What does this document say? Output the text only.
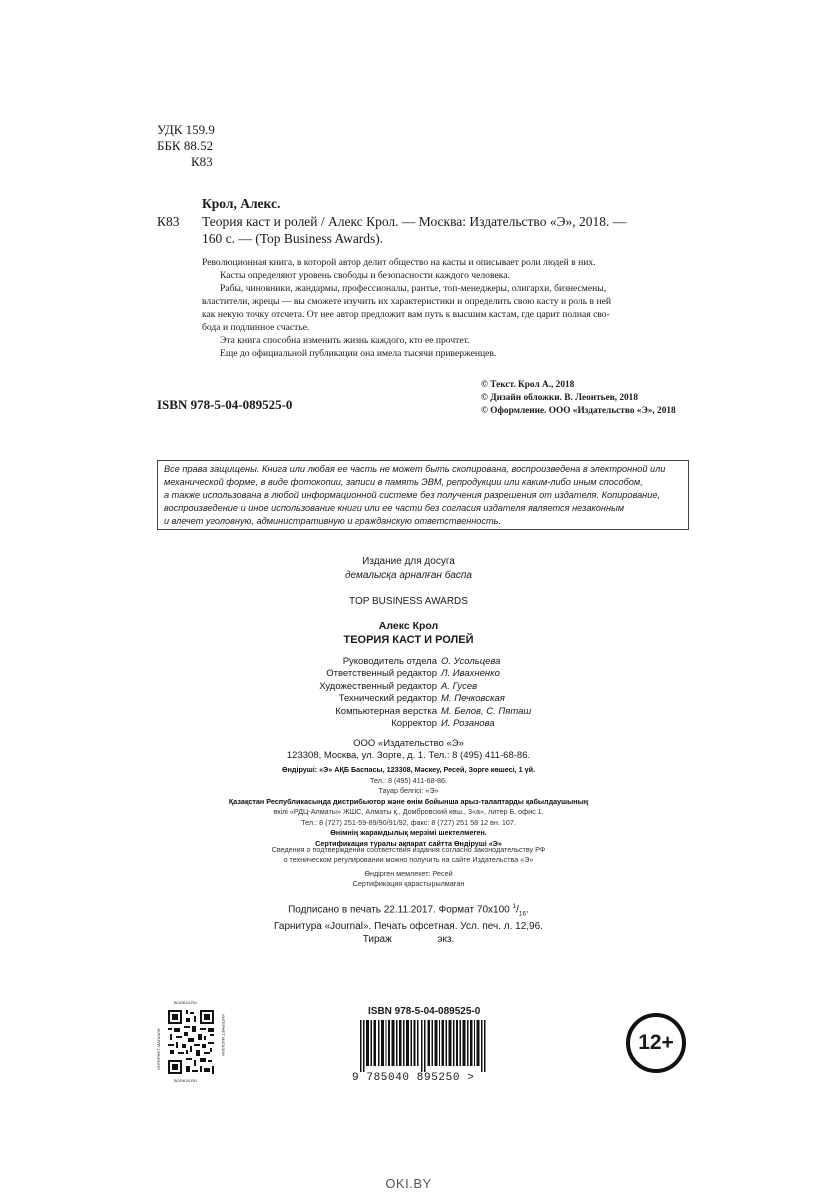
УДК 159.9
ББК 88.52
К83
Крол, Алекс.
К83 Теория каст и ролей / Алекс Крол. — Москва: Издательство «Э», 2018. —
160 с. — (Top Business Awards).

Революционная книга, в которой автор делит общество на касты и описывает роли людей в них.

Касты определяют уровень свободы и безопасности каждого человека.

Рабы, чиновники, жандармы, профессионалы, рантье, топ-менеджеры, олигархи, бизнесмены,

властители, жрецы — вы сможете изучить их характеристики и определить свою касту и роль в ней

как некую точку отсчета. От нее автор предложит вам путь к высшим кастам, где царит полная сво-

бода и подлинное счастье.

Эта книга способна изменить жизнь каждого, кто ее прочтет.

Еще до официальной публикации она имела тысячи приверженцев.

© Текст. Крол А., 2018
© Дизайн обложки. В. Леонтьев, 2018
© Оформление. ООО «Издательство «Э», 2018
ISBN 978-5-04-089525-0
Все права защищены. Книга или любая ее часть не может быть скопирована, воспроизведена в электронной или
механической форме, в виде фотокопии, записи в память ЭВМ, репродукции или каким-либо иным способом,
а также использована в любой информационной системе без получения разрешения от издателя. Копирование,
воспроизведение и иное использование книги или ее части без согласия издателя является незаконным
и влечет уголовную, административную и гражданскую ответственность.
Издание для досуга
демалысқа арналған баспа
TOP BUSINESS AWARDS
Алекс Крол
ТЕОРИЯ КАСТ И РОЛЕЙ
Руководитель отдела О. Усольцева
Ответственный редактор Л. Ивахненко
Художественный редактор А. Гусев
Технический редактор М. Печковская
Компьютерная верстка М. Белов, С. Пяташ
Корректор И. Розанова
ООО «Издательство «Э»
123308, Москва, ул. Зорге, д. 1. Тел.: 8 (495) 411-68-86.
Өндіруші: «Э» АҚБ Баспасы, 123308, Мәскеу, Ресей, Зорге көшесі, 1 үй.
Тел.: 8 (495) 411-68-86.
Тауар белгісі: «Э»
Қазақстан Республикасында дистрибьютор және өнім бойынша арыз-талаптарды қабылдаушының
өкілі «РДЦ-Алматы» ЖШС, Алматы қ., Домбровский көш., 3«а», литер Б, офис 1.
Тел.: 8 (727) 251-59-89/90/91/92, факс: 8 (727) 251 58 12 вн. 107.
Өнімнің жарамдылық мерзімі шектелмеген.
Сертификация туралы ақпарат сайтта Өндіруші «Э»
Сведения о подтверждении соответствия издания согласно законодательству РФ
о техническом регулировании можно получить на сайте Издательства «Э»
Өндірген мемлекет: Ресей
Сертификация қарастырылмаған
Подписано в печать 22.11.2017. Формат 70x100 $^1/_{16}$.
Гарнитура «Journal». Печать офсетная. Усл. печ. л. 12,96.
Тираж	экз.
BOOK24.RU
ИНТЕРНЕТ-МАГАЗИН	ИНТЕРНЕТ-МАГАЗИН
BOOK24.RU
ISBN 978-5-04-089525-0
9 785040 895250 >
12+
OKI.BY
